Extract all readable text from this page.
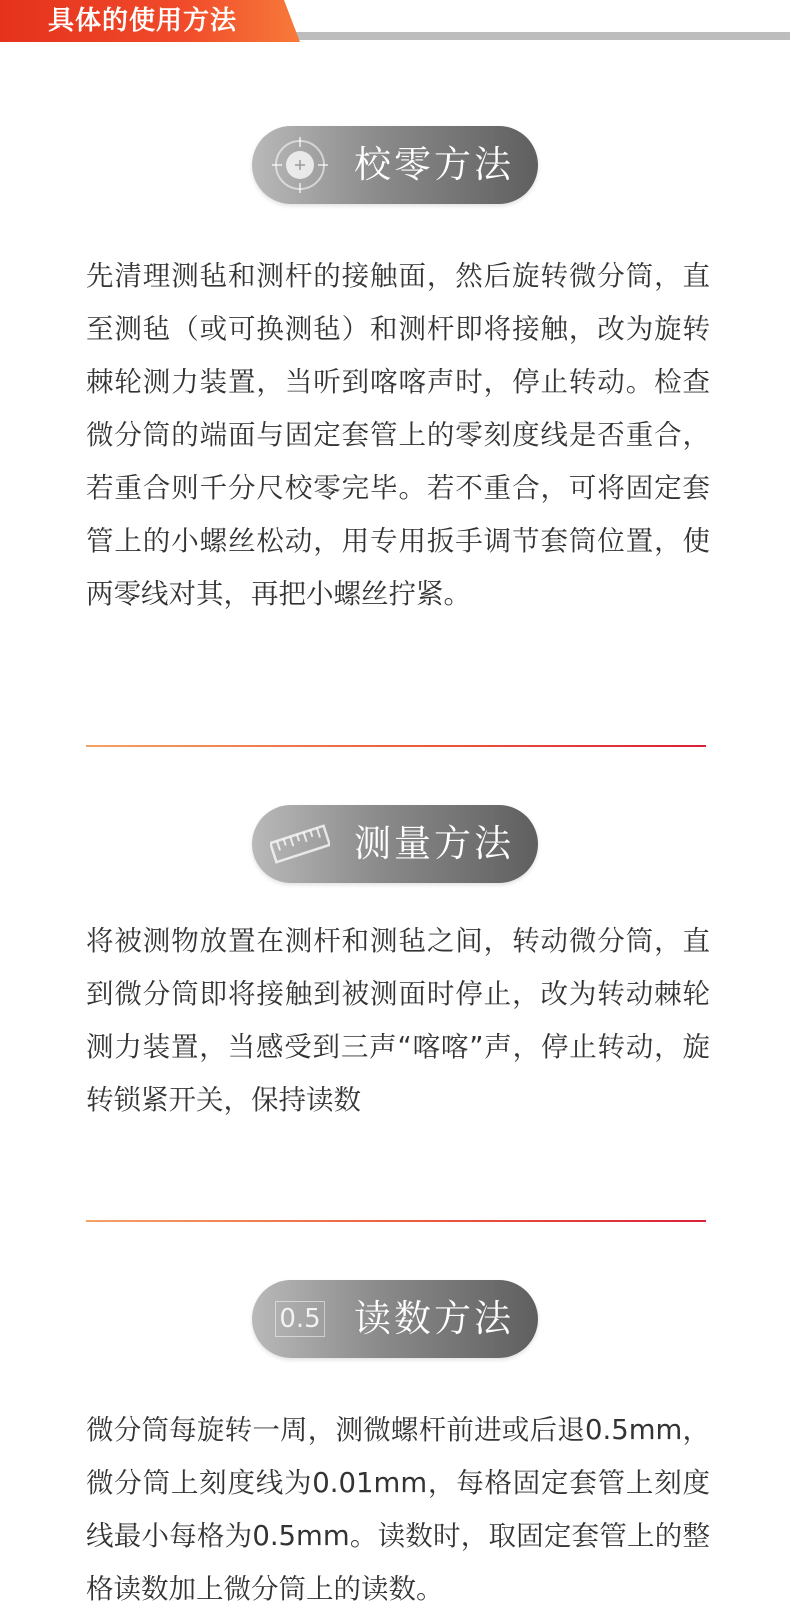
具体的使用方法
校零方法

先清理测毡和测杆的接触面，然后旋转微分筒，直至测毡（或可换测毡）和测杆即将接触，改为旋转棘轮测力装置，当听到喀喀声时，停止转动。检查微分筒的端面与固定套管上的零刻度线是否重合，若重合则千分尺校零完毕。若不重合，可将固定套管上的小螺丝松动，用专用扳手调节套筒位置，使两零线对其，再把小螺丝拧紧。

测量方法

将被测物放置在测杆和测毡之间，转动微分筒，直到微分筒即将接触到被测面时停止，改为转动棘轮测力装置，当感受到三声“喀喀”声，停止转动，旋转锁紧开关，保持读数

0.5 读数方法

微分筒每旋转一周，测微螺杆前进或后退0.5mm，微分筒上刻度线为0.01mm，每格固定套管上刻度线最小每格为0.5mm。读数时，取固定套管上的整格读数加上微分筒上的读数。
